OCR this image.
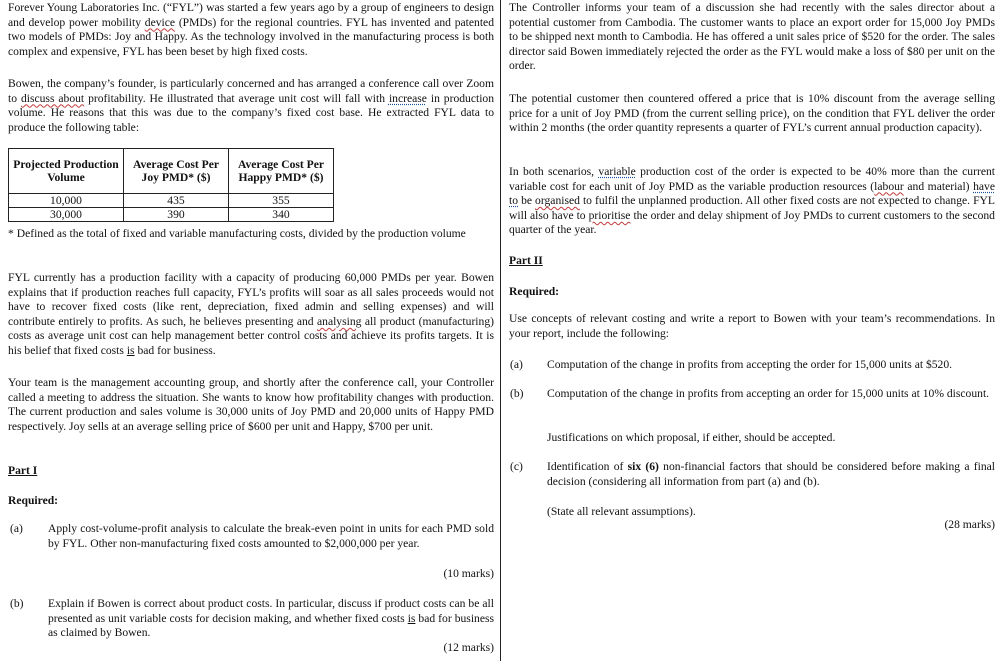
Forever Young Laboratories Inc. (“FYL”) was started a few years ago by a group of engineers to design and develop power mobility device (PMDs) for the regional countries. FYL has invented and patented two models of PMDs: Joy and Happy. As the technology involved in the manufacturing process is both complex and expensive, FYL has been beset by high fixed costs.
Bowen, the company’s founder, is particularly concerned and has arranged a conference call over Zoom to discuss about profitability. He illustrated that average unit cost will fall with increase in production volume. He reasons that this was due to the company’s fixed cost base. He extracted FYL data to produce the following table:
Projected Production Volume	Average Cost Per Joy PMD* ($)	Average Cost Per Happy PMD* ($)
10,000	435	355
30,000	390	340
* Defined as the total of fixed and variable manufacturing costs, divided by the production volume
FYL currently has a production facility with a capacity of producing 60,000 PMDs per year. Bowen explains that if production reaches full capacity, FYL’s profits will soar as all sales proceeds would not have to recover fixed costs (like rent, depreciation, fixed admin and selling expenses) and will contribute entirely to profits. As such, he believes presenting and analysing all product (manufacturing) costs as average unit cost can help management better control costs and achieve its profits targets. It is his belief that fixed costs is bad for business.
Your team is the management accounting group, and shortly after the conference call, your Controller called a meeting to address the situation. She wants to know how profitability changes with production. The current production and sales volume is 30,000 units of Joy PMD and 20,000 units of Happy PMD respectively. Joy sells at an average selling price of $600 per unit and Happy, $700 per unit.
Part I
Required:
(a) Apply cost-volume-profit analysis to calculate the break-even point in units for each PMD sold by FYL. Other non-manufacturing fixed costs amounted to $2,000,000 per year.
(10 marks)
(b) Explain if Bowen is correct about product costs. In particular, discuss if product costs can be all presented as unit variable costs for decision making, and whether fixed costs is bad for business as claimed by Bowen.
(12 marks)
The Controller informs your team of a discussion she had recently with the sales director about a potential customer from Cambodia. The customer wants to place an export order for 15,000 Joy PMDs to be shipped next month to Cambodia. He has offered a unit sales price of $520 for the order. The sales director said Bowen immediately rejected the order as the FYL would make a loss of $80 per unit on the order.
The potential customer then countered offered a price that is 10% discount from the average selling price for a unit of Joy PMD (from the current selling price), on the condition that FYL deliver the order within 2 months (the order quantity represents a quarter of FYL’s current annual production capacity).
In both scenarios, variable production cost of the order is expected to be 40% more than the current variable cost for each unit of Joy PMD as the variable production resources (labour and material) have to be organised to fulfil the unplanned production. All other fixed costs are not expected to change. FYL will also have to prioritise the order and delay shipment of Joy PMDs to current customers to the second quarter of the year.
Part II
Required:
Use concepts of relevant costing and write a report to Bowen with your team’s recommendations. In your report, include the following:
(a) Computation of the change in profits from accepting the order for 15,000 units at $520.
(b) Computation of the change in profits from accepting an order for 15,000 units at 10% discount.
Justifications on which proposal, if either, should be accepted.
(c) Identification of six (6) non-financial factors that should be considered before making a final decision (considering all information from part (a) and (b).
(State all relevant assumptions).
(28 marks)
